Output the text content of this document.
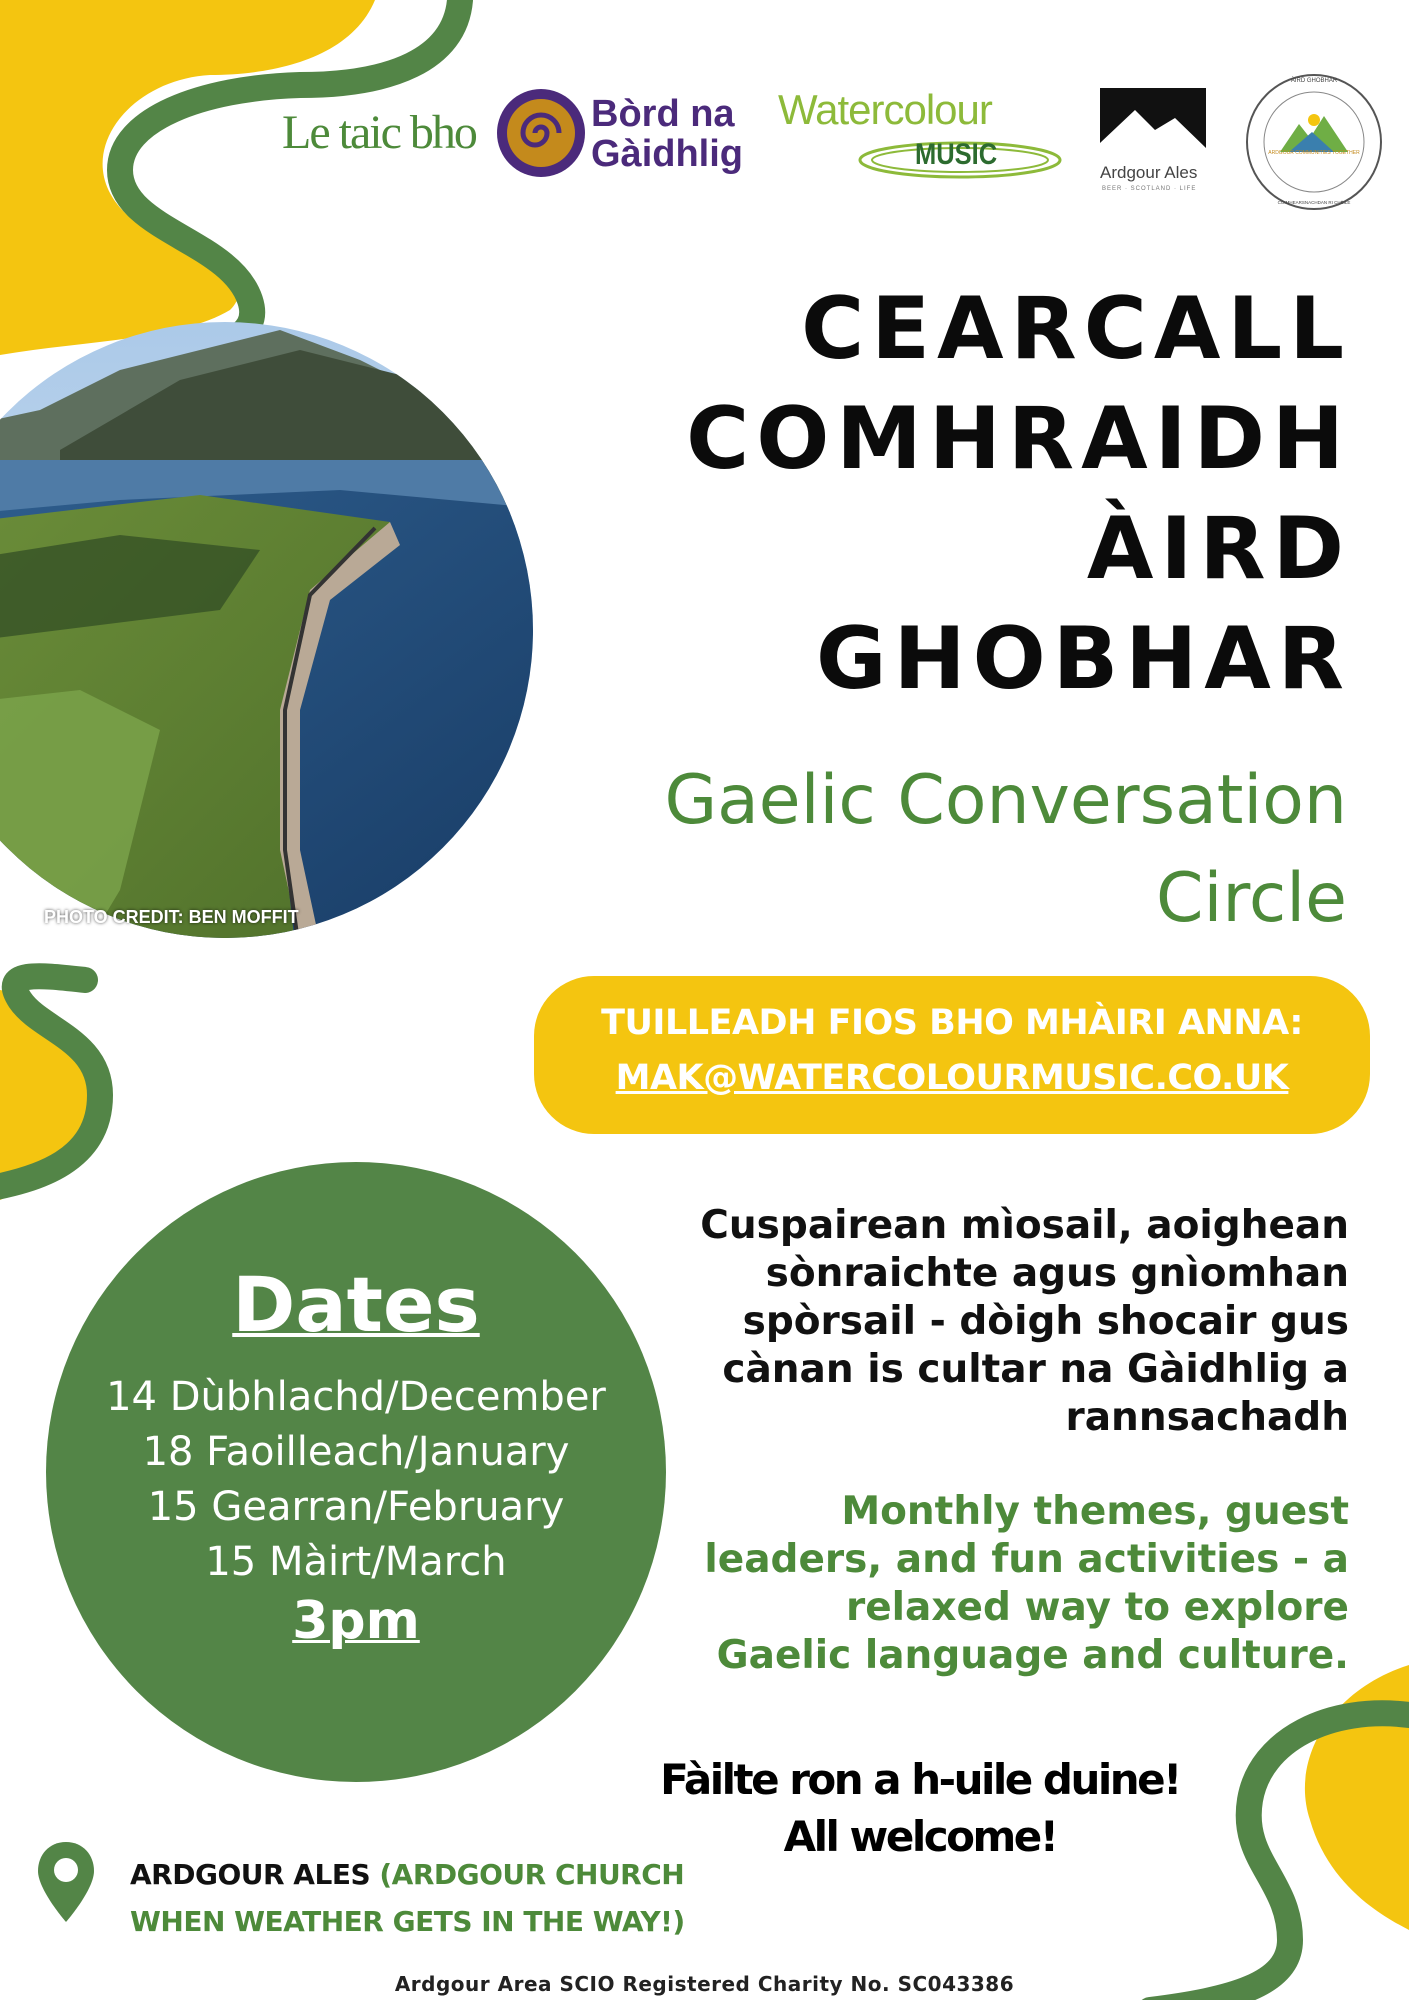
Le taic bho	Bòrd na
Gàidhlig
Watercolour
MUSIC
Ardgour Ales
BEER · SCOTLAND · LIFE
ARDGOUR COMMUNITIES TOGETHER
ÀIRD GHOBHAR
COIMHEARSNACHDAN RI CHÈILE
CEARCALL
COMHRAIDH
ÀIRD
GHOBHAR
Gaelic Conversation
Circle
PHOTO CREDIT: BEN MOFFIT
TUILLEADH FIOS BHO MHÀIRI ANNA:
MAK@WATERCOLOURMUSIC.CO.UK
Cuspairean mìosail, aoighean
sònraichte agus gnìomhan
spòrsail - dòigh shocair gus
cànan is cultar na Gàidhlig a
rannsachadh
Monthly themes, guest
leaders, and fun activities - a
relaxed way to explore
Gaelic language and culture.
Dates
14 Dùbhlachd/December
18 Faoilleach/January
15 Gearran/February
15 Màirt/March
3pm
Fàilte ron a h-uile duine!
All welcome!
ARDGOUR ALES (ARDGOUR CHURCH
WHEN WEATHER GETS IN THE WAY!)
Ardgour Area SCIO Registered Charity No. SC043386
